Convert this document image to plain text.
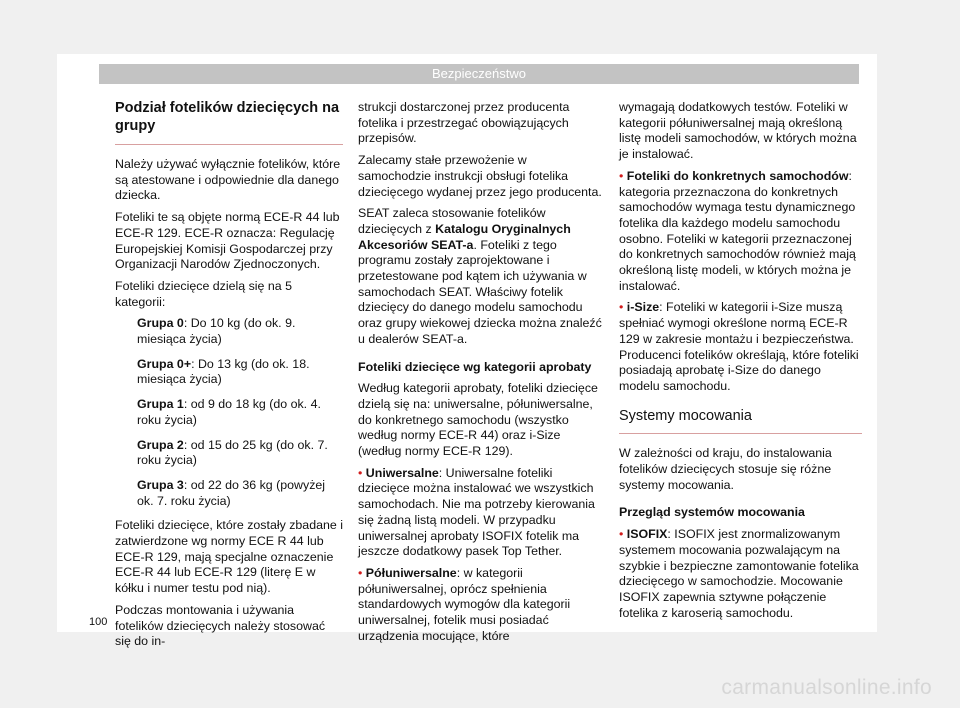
Bezpieczeństwo
Podział fotelików dziecięcych na grupy

Należy używać wyłącznie fotelików, które są atestowane i odpowiednie dla danego dziecka.

Foteliki te są objęte normą ECE-R 44 lub ECE-R 129. ECE-R oznacza: Regulację Europejskiej Komisji Gospodarczej przy Organizacji Narodów Zjednoczonych.

Foteliki dziecięce dzielą się na 5 kategorii:

Grupa 0: Do 10 kg (do ok. 9. miesiąca życia)
Grupa 0+: Do 13 kg (do ok. 18. miesiąca życia)
Grupa 1: od 9 do 18 kg (do ok. 4. roku życia)
Grupa 2: od 15 do 25 kg (do ok. 7. roku życia)
Grupa 3: od 22 do 36 kg (powyżej ok. 7. roku życia)

Foteliki dziecięce, które zostały zbadane i zatwierdzone wg normy ECE R 44 lub ECE-R 129, mają specjalne oznaczenie ECE-R 44 lub ECE-R 129 (literę E w kółku i numer testu pod nią).

Podczas montowania i używania fotelików dziecięcych należy stosować się do in-

strukcji dostarczonej przez producenta fotelika i przestrzegać obowiązujących przepisów.

Zalecamy stałe przewożenie w samochodzie instrukcji obsługi fotelika dziecięcego wydanej przez jego producenta.

SEAT zaleca stosowanie fotelików dziecięcych z Katalogu Oryginalnych Akcesoriów SEAT-a. Foteliki z tego programu zostały zaprojektowane i przetestowane pod kątem ich używania w samochodach SEAT. Właściwy fotelik dziecięcy do danego modelu samochodu oraz grupy wiekowej dziecka można znaleźć u dealerów SEAT-a.

Foteliki dziecięce wg kategorii aprobaty

Według kategorii aprobaty, foteliki dziecięce dzielą się na: uniwersalne, półuniwersalne, do konkretnego samochodu (wszystko według normy ECE-R 44) oraz i-Size (według normy ECE-R 129).

• Uniwersalne: Uniwersalne foteliki dziecięce można instalować we wszystkich samochodach. Nie ma potrzeby kierowania się żadną listą modeli. W przypadku uniwersalnej aprobaty ISOFIX fotelik ma jeszcze dodatkowy pasek Top Tether.

• Półuniwersalne: w kategorii półuniwersalnej, oprócz spełnienia standardowych wymogów dla kategorii uniwersalnej, fotelik musi posiadać urządzenia mocujące, które

wymagają dodatkowych testów. Foteliki w kategorii półuniwersalnej mają określoną listę modeli samochodów, w których można je instalować.

• Foteliki do konkretnych samochodów: kategoria przeznaczona do konkretnych samochodów wymaga testu dynamicznego fotelika dla każdego modelu samochodu osobno. Foteliki w kategorii przeznaczonej do konkretnych samochodów również mają określoną listę modeli, w których można je instalować.

• i-Size: Foteliki w kategorii i-Size muszą spełniać wymogi określone normą ECE-R 129 w zakresie montażu i bezpieczeństwa. Producenci fotelików określają, które foteliki posiadają aprobatę i-Size do danego modelu samochodu.

Systemy mocowania

W zależności od kraju, do instalowania fotelików dziecięcych stosuje się różne systemy mocowania.

Przegląd systemów mocowania

• ISOFIX: ISOFIX jest znormalizowanym systemem mocowania pozwalającym na szybkie i bezpieczne zamontowanie fotelika dziecięcego w samochodzie. Mocowanie ISOFIX zapewnia sztywne połączenie fotelika z karoserią samochodu.

100
carmanualsonline.info
